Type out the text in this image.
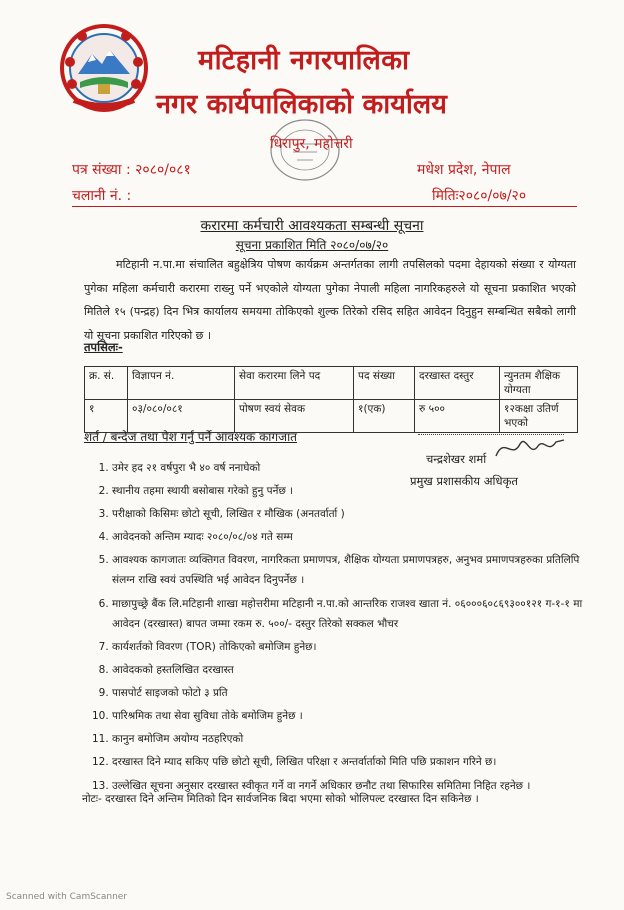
मटिहानी नगरपालिका
नगर कार्यपालिकाको कार्यालय
धिरापुर, महोत्तरी
पत्र संख्या : २०८०/०८१
चलानी नं. :
मधेश प्रदेश, नेपाल
मितिः२०८०/०७/२०
करारमा कर्मचारी आवश्यकता सम्बन्धी सूचना
सूचना प्रकाशित मिति २०८०/०७/२०
मटिहानी न.पा.मा संचालित बहुक्षेत्रिय पोषण कार्यक्रम अन्तर्गतका लागी तपसिलको पदमा देहायको संख्या र योग्यता पुगेका महिला कर्मचारी करारमा राख्नु पर्ने भएकोले योग्यता पुगेका नेपाली महिला नागरिकहरुले यो सूचना प्रकाशित भएको मितिले १५ (पन्द्रह) दिन भित्र कार्यालय समयमा तोकिएको शुल्क तिरेको रसिद सहित आवेदन दिनुहुन सम्बन्धित सबैको लागी यो सूचना प्रकाशित गरिएको छ ।
तपसिलः-
क्र. सं.	विज्ञापन नं.	सेवा करारमा लिने पद	पद संख्या	दरखास्त दस्तुर	न्युनतम शैक्षिक योग्यता
१	०३/०८०/०८१	पोषण स्वयं सेवक	१(एक)	रु ५००	१२कक्षा उतिर्ण भएको
शर्त / बन्देज तथा पेश गर्नु पर्ने आवश्यक कागजात
चन्द्रशेखर शर्मा
प्रमुख प्रशासकीय अधिकृत
1. उमेर हद २१ वर्षपुरा भै ४० वर्ष ननाघेको
2. स्थानीय तहमा स्थायी बसोबास गरेको हुनु पर्नेछ ।
3. परीक्षाको किसिमः छोटो सूची, लिखित र मौखिक (अनतर्वार्ता )
4. आवेदनको अन्तिम म्यादः २०८०/०८/०४ गते सम्म
5. आवश्यक कागजातः व्यक्तिगत विवरण, नागरिकता प्रमाणपत्र, शैक्षिक योग्यता प्रमाणपत्रहरु, अनुभव प्रमाणपत्रहरुका प्रतिलिपि संलग्न राखि स्वयं उपस्थिति भई आवेदन दिनुपर्नेछ ।
6. माछापुच्छ्रे बैंक लि.मटिहानी शाखा महोत्तरीमा मटिहानी न.पा.को आन्तरिक राजश्व खाता नं. ०६०००६०८६९३००१२१ ग-१-१ मा आवेदन (दरखास्त) बापत जम्मा रकम रु. ५००/- दस्तुर तिरेको सक्कल भौचर
7. कार्यशर्तको विवरण (TOR) तोकिएको बमोजिम हुनेछ।
8. आवेदकको हस्तलिखित दरखास्त
9. पासपोर्ट साइजको फोटो ३ प्रति
10. पारिश्रमिक तथा सेवा सुविधा तोके बमोजिम हुनेछ ।
11. कानुन बमोजिम अयोग्य नठहरिएको
12. दरखास्त दिने म्याद सकिए पछि छोटो सूची, लिखित परिक्षा र अन्तर्वार्ताको मिति पछि प्रकाशन गरिने छ।
13. उल्लेखित सूचना अनुसार दरखास्त स्वीकृत गर्ने वा नगर्ने अधिकार छनौट तथा सिफारिस समितिमा निहित रहनेछ ।
नोटः- दरखास्त दिने अन्तिम मितिको दिन सार्वजनिक बिदा भएमा सोको भोलिपल्ट दरखास्त दिन सकिनेछ ।
Scanned with CamScanner
